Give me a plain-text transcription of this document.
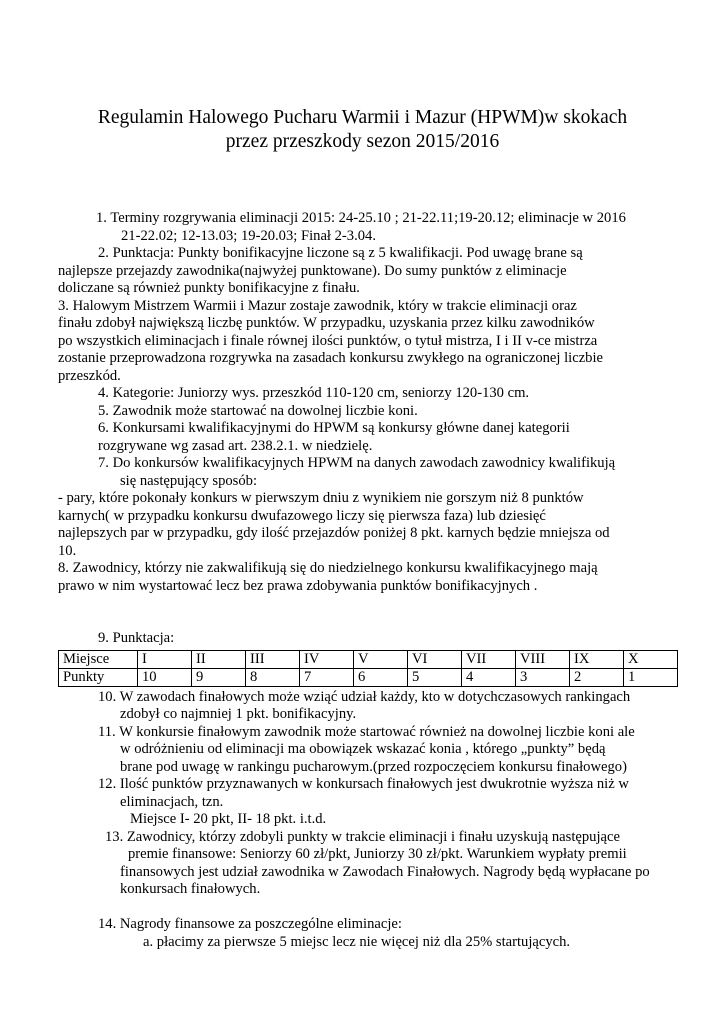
Regulamin Halowego Pucharu Warmii i Mazur (HPWM)w skokach
przez przeszkody sezon 2015/2016
1. Terminy rozgrywania eliminacji 2015: 24-25.10 ; 21-22.11;19-20.12; eliminacje w 2016
21-22.02; 12-13.03; 19-20.03; Finał 2-3.04.
2. Punktacja: Punkty bonifikacyjne liczone są z 5 kwalifikacji. Pod uwagę brane są
najlepsze przejazdy zawodnika(najwyżej punktowane). Do sumy punktów z eliminacje
doliczane są również punkty bonifikacyjne z finału.
3. Halowym Mistrzem Warmii i Mazur zostaje zawodnik, który w trakcie eliminacji oraz
finału zdobył największą liczbę punktów. W przypadku, uzyskania przez kilku zawodników
po wszystkich eliminacjach i finale równej ilości punktów, o tytuł mistrza, I i II v-ce mistrza
zostanie przeprowadzona rozgrywka na zasadach konkursu zwykłego na ograniczonej liczbie
przeszkód.
4. Kategorie: Juniorzy wys. przeszkód 110-120 cm, seniorzy 120-130 cm.
5. Zawodnik może startować na dowolnej liczbie koni.
6. Konkursami kwalifikacyjnymi do HPWM są konkursy główne danej kategorii
rozgrywane wg zasad art. 238.2.1. w niedzielę.
7. Do konkursów kwalifikacyjnych HPWM na danych zawodach zawodnicy kwalifikują
się następujący sposób:
- pary, które pokonały konkurs w pierwszym dniu z wynikiem nie gorszym niż 8 punktów
karnych( w przypadku konkursu dwufazowego liczy się pierwsza faza) lub dziesięć
najlepszych par w przypadku, gdy ilość przejazdów poniżej 8 pkt. karnych będzie mniejsza od
10.
8. Zawodnicy, którzy nie zakwalifikują się do niedzielnego konkursu kwalifikacyjnego mają
prawo w nim wystartować lecz bez prawa zdobywania punktów bonifikacyjnych .
9. Punktacja:
Miejsce	I	II	III	IV	V	VI	VII	VIII	IX	X
Punkty	10	9	8	7	6	5	4	3	2	1
10. W zawodach finałowych może wziąć udział każdy, kto w dotychczasowych rankingach
zdobył co najmniej 1 pkt. bonifikacyjny.
11. W konkursie finałowym zawodnik może startować również na dowolnej liczbie koni ale
w odróżnieniu od eliminacji ma obowiązek wskazać konia , którego „punkty” będą
brane pod uwagę w rankingu pucharowym.(przed rozpoczęciem konkursu finałowego)
12. Ilość punktów przyznawanych w konkursach finałowych jest dwukrotnie wyższa niż w
eliminacjach, tzn.
Miejsce I- 20 pkt, II- 18 pkt. i.t.d.
13. Zawodnicy, którzy zdobyli punkty w trakcie eliminacji i finału uzyskują następujące
premie finansowe: Seniorzy 60 zł/pkt, Juniorzy 30 zł/pkt. Warunkiem wypłaty premii
finansowych jest udział zawodnika w Zawodach Finałowych. Nagrody będą wypłacane po
konkursach finałowych.
14. Nagrody finansowe za poszczególne eliminacje:
a. płacimy za pierwsze 5 miejsc lecz nie więcej niż dla 25% startujących.
